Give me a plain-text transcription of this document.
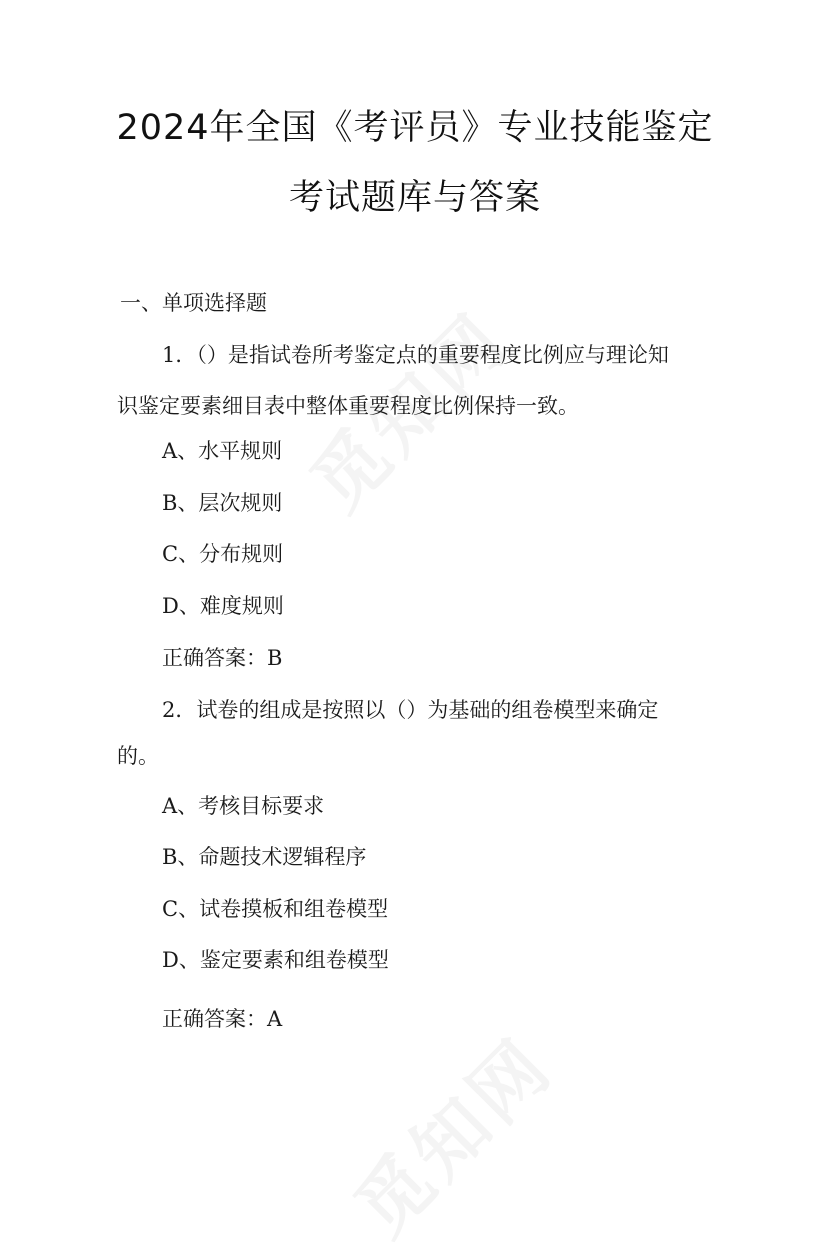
2024年全国《考评员》专业技能鉴定
考试题库与答案
一、单项选择题
1．（）是指试卷所考鉴定点的重要程度比例应与理论知
识鉴定要素细目表中整体重要程度比例保持一致。
A、水平规则
B、层次规则
C、分布规则
D、难度规则
正确答案：B
2．试卷的组成是按照以（）为基础的组卷模型来确定
的。
A、考核目标要求
B、命题技术逻辑程序
C、试卷摸板和组卷模型
D、鉴定要素和组卷模型
正确答案：A
